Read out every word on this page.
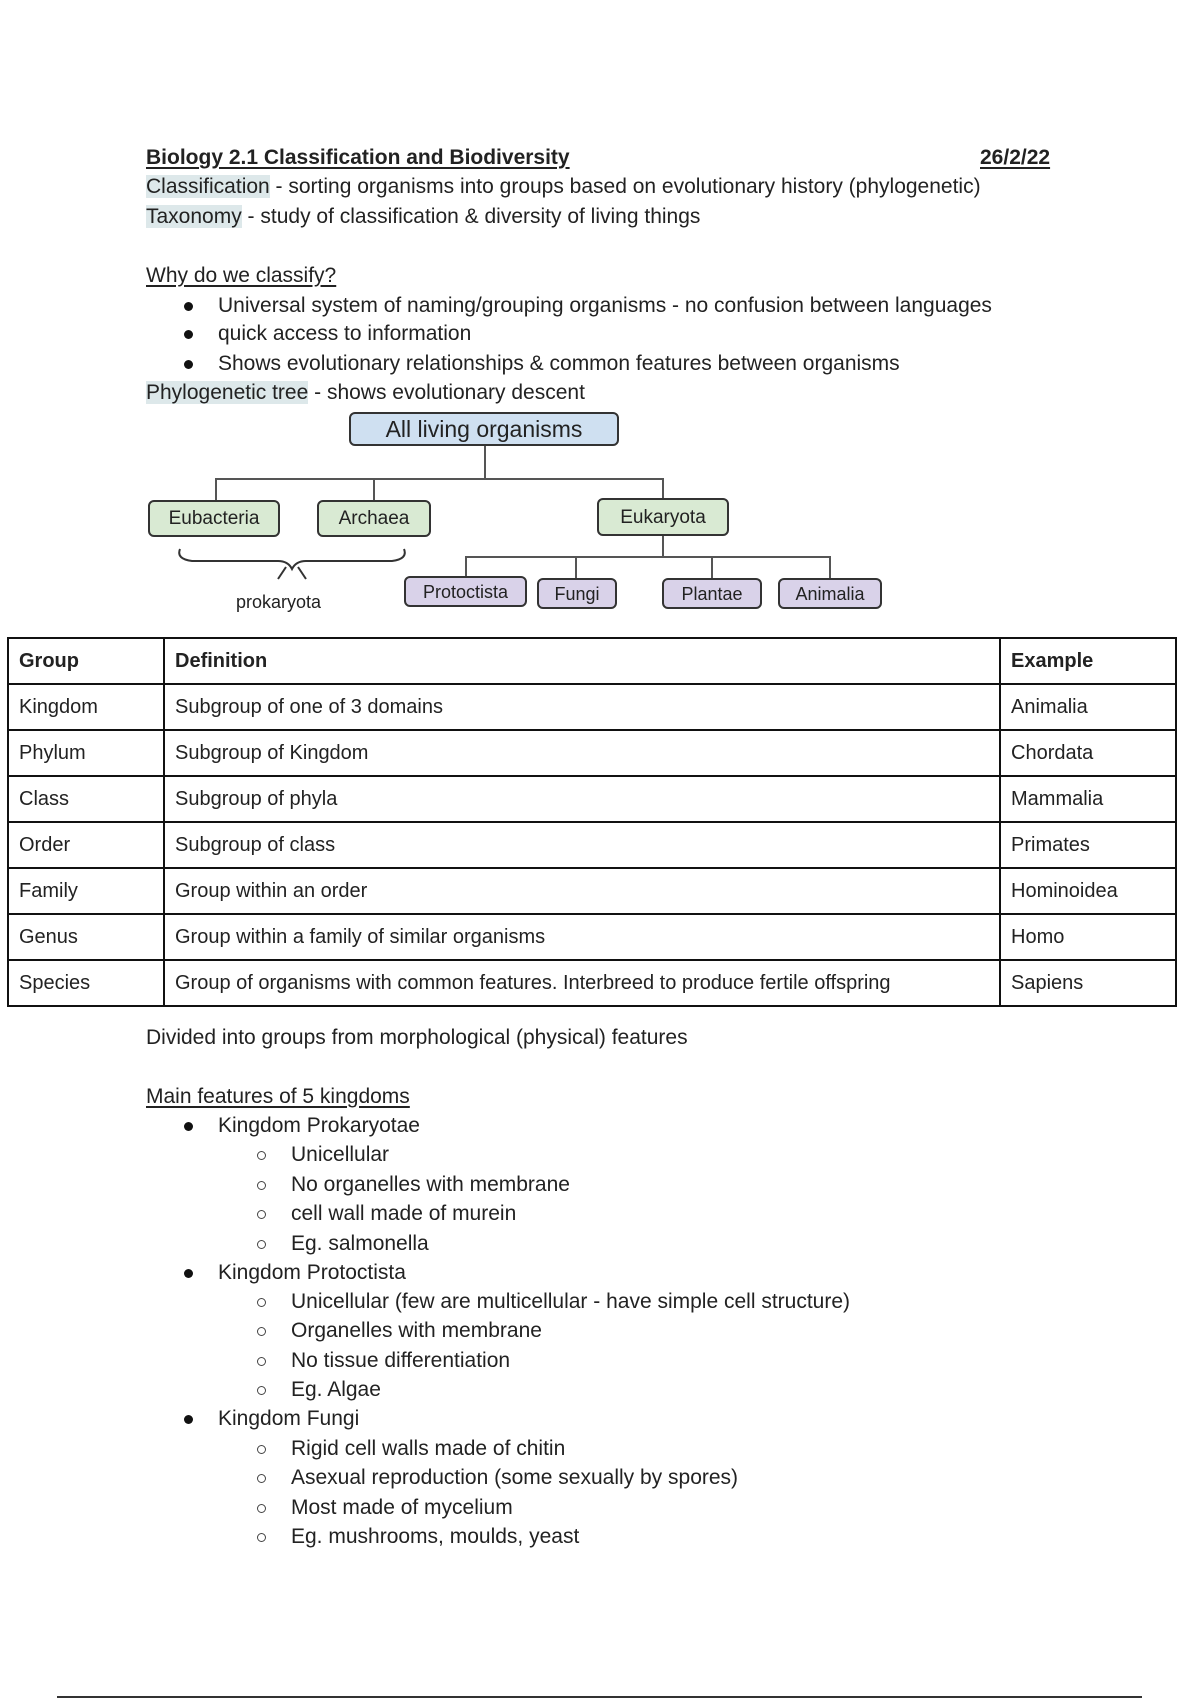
Biology 2.1 Classification and Biodiversity	26/2/22
Classification - sorting organisms into groups based on evolutionary history (phylogenetic)
Taxonomy - study of classification & diversity of living things
Why do we classify?
Universal system of naming/grouping organisms - no confusion between languages
quick access to information
Shows evolutionary relationships & common features between organisms
Phylogenetic tree - shows evolutionary descent
All living organisms
Eubacteria	Archaea	Eukaryota
prokaryota
Protoctista	Fungi	Plantae	Animalia
Group	Definition	Example
Kingdom	Subgroup of one of 3 domains	Animalia
Phylum	Subgroup of Kingdom	Chordata
Class	Subgroup of phyla	Mammalia
Order	Subgroup of class	Primates
Family	Group within an order	Hominoidea
Genus	Group within a family of similar organisms	Homo
Species	Group of organisms with common features. Interbreed to produce fertile offspring	Sapiens
Divided into groups from morphological (physical) features
Main features of 5 kingdoms
Kingdom Prokaryotae
Unicellular
No organelles with membrane
cell wall made of murein
Eg. salmonella
Kingdom Protoctista
Unicellular (few are multicellular - have simple cell structure)
Organelles with membrane
No tissue differentiation
Eg. Algae
Kingdom Fungi
Rigid cell walls made of chitin
Asexual reproduction (some sexually by spores)
Most made of mycelium
Eg. mushrooms, moulds, yeast
